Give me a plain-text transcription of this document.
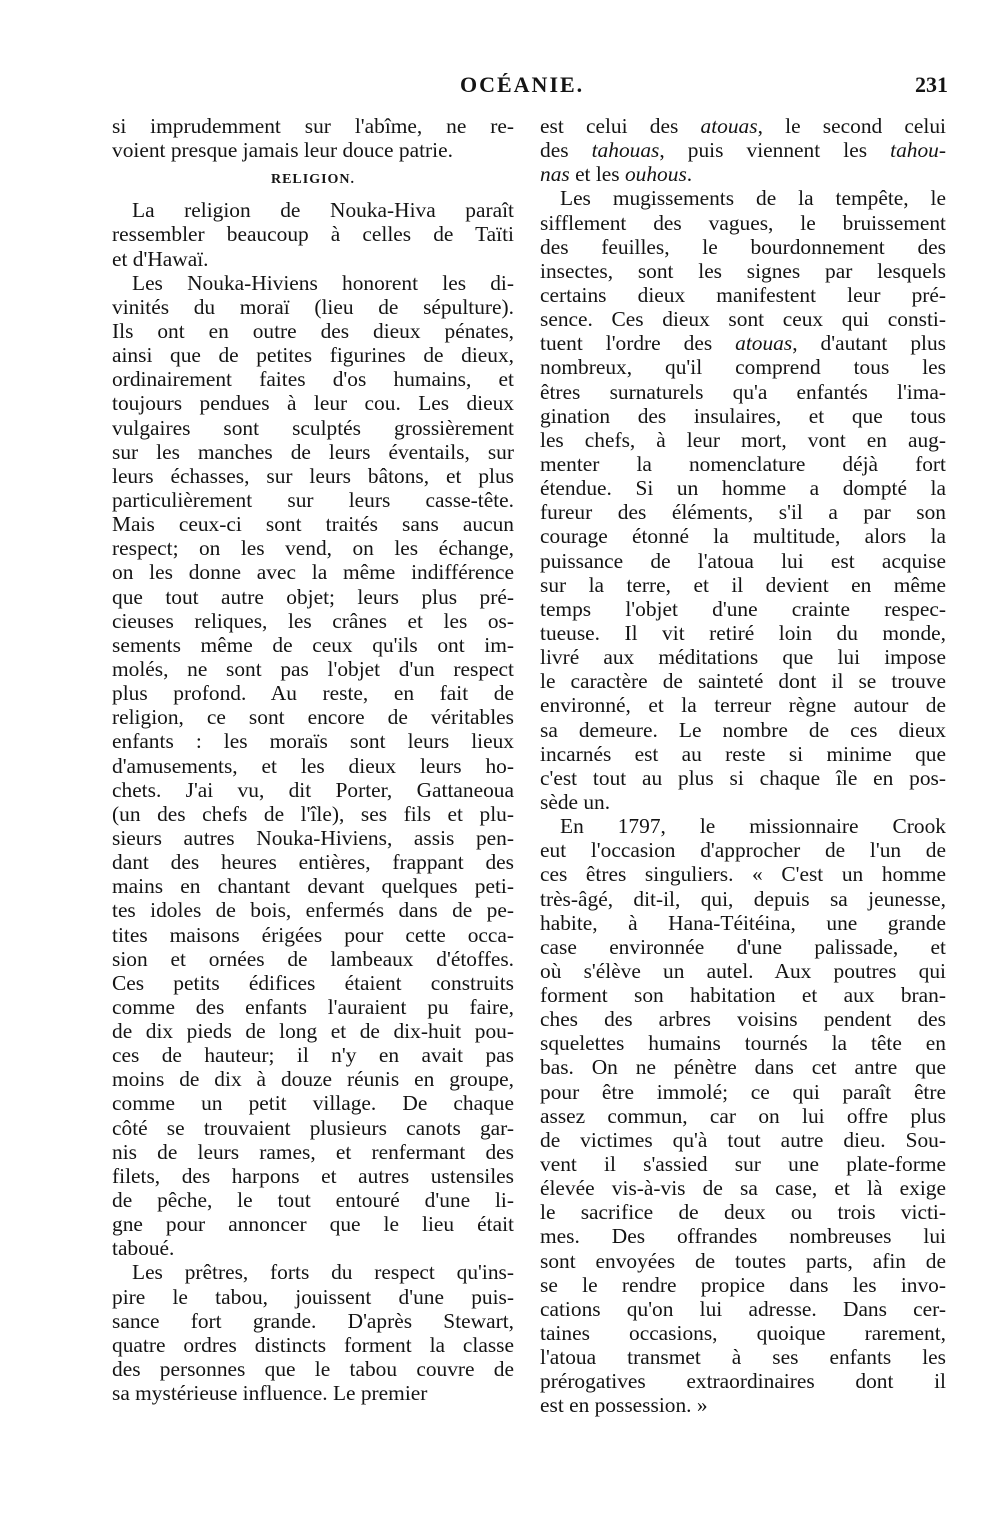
OCÉANIE.	231
si imprudemment sur l'abîme, ne re-
voient presque jamais leur douce patrie.
RELIGION.
La religion de Nouka-Hiva paraît
ressembler beaucoup à celles de Taïti
et d'Hawaï.
Les Nouka-Hiviens honorent les di-
vinités du moraï (lieu de sépulture).
Ils ont en outre des dieux pénates,
ainsi que de petites figurines de dieux,
ordinairement faites d'os humains, et
toujours pendues à leur cou. Les dieux
vulgaires sont sculptés grossièrement
sur les manches de leurs éventails, sur
leurs échasses, sur leurs bâtons, et plus
particulièrement sur leurs casse-tête.
Mais ceux-ci sont traités sans aucun
respect; on les vend, on les échange,
on les donne avec la même indifférence
que tout autre objet; leurs plus pré-
cieuses reliques, les crânes et les os-
sements même de ceux qu'ils ont im-
molés, ne sont pas l'objet d'un respect
plus profond. Au reste, en fait de
religion, ce sont encore de véritables
enfants : les moraïs sont leurs lieux
d'amusements, et les dieux leurs ho-
chets. J'ai vu, dit Porter, Gattaneoua
(un des chefs de l'île), ses fils et plu-
sieurs autres Nouka-Hiviens, assis pen-
dant des heures entières, frappant des
mains en chantant devant quelques peti-
tes idoles de bois, enfermés dans de pe-
tites maisons érigées pour cette occa-
sion et ornées de lambeaux d'étoffes.
Ces petits édifices étaient construits
comme des enfants l'auraient pu faire,
de dix pieds de long et de dix-huit pou-
ces de hauteur; il n'y en avait pas
moins de dix à douze réunis en groupe,
comme un petit village. De chaque
côté se trouvaient plusieurs canots gar-
nis de leurs rames, et renfermant des
filets, des harpons et autres ustensiles
de pêche, le tout entouré d'une li-
gne pour annoncer que le lieu était
taboué.
Les prêtres, forts du respect qu'ins-
pire le tabou, jouissent d'une puis-
sance fort grande. D'après Stewart,
quatre ordres distincts forment la classe
des personnes que le tabou couvre de
sa mystérieuse influence. Le premier
est celui des atouas, le second celui
des tahouas, puis viennent les tahou-
nas et les ouhous.
Les mugissements de la tempête, le
sifflement des vagues, le bruissement
des feuilles, le bourdonnement des
insectes, sont les signes par lesquels
certains dieux manifestent leur pré-
sence. Ces dieux sont ceux qui consti-
tuent l'ordre des atouas, d'autant plus
nombreux, qu'il comprend tous les
êtres surnaturels qu'a enfantés l'ima-
gination des insulaires, et que tous
les chefs, à leur mort, vont en aug-
menter la nomenclature déjà fort
étendue. Si un homme a dompté la
fureur des éléments, s'il a par son
courage étonné la multitude, alors la
puissance de l'atoua lui est acquise
sur la terre, et il devient en même
temps l'objet d'une crainte respec-
tueuse. Il vit retiré loin du monde,
livré aux méditations que lui impose
le caractère de sainteté dont il se trouve
environné, et la terreur règne autour de
sa demeure. Le nombre de ces dieux
incarnés est au reste si minime que
c'est tout au plus si chaque île en pos-
sède un.
En 1797, le missionnaire Crook
eut l'occasion d'approcher de l'un de
ces êtres singuliers. « C'est un homme
très-âgé, dit-il, qui, depuis sa jeunesse,
habite, à Hana-Téitéina, une grande
case environnée d'une palissade, et
où s'élève un autel. Aux poutres qui
forment son habitation et aux bran-
ches des arbres voisins pendent des
squelettes humains tournés la tête en
bas. On ne pénètre dans cet antre que
pour être immolé; ce qui paraît être
assez commun, car on lui offre plus
de victimes qu'à tout autre dieu. Sou-
vent il s'assied sur une plate-forme
élevée vis-à-vis de sa case, et là exige
le sacrifice de deux ou trois victi-
mes. Des offrandes nombreuses lui
sont envoyées de toutes parts, afin de
se le rendre propice dans les invo-
cations qu'on lui adresse. Dans cer-
taines occasions, quoique rarement,
l'atoua transmet à ses enfants les
prérogatives extraordinaires dont il
est en possession. »
